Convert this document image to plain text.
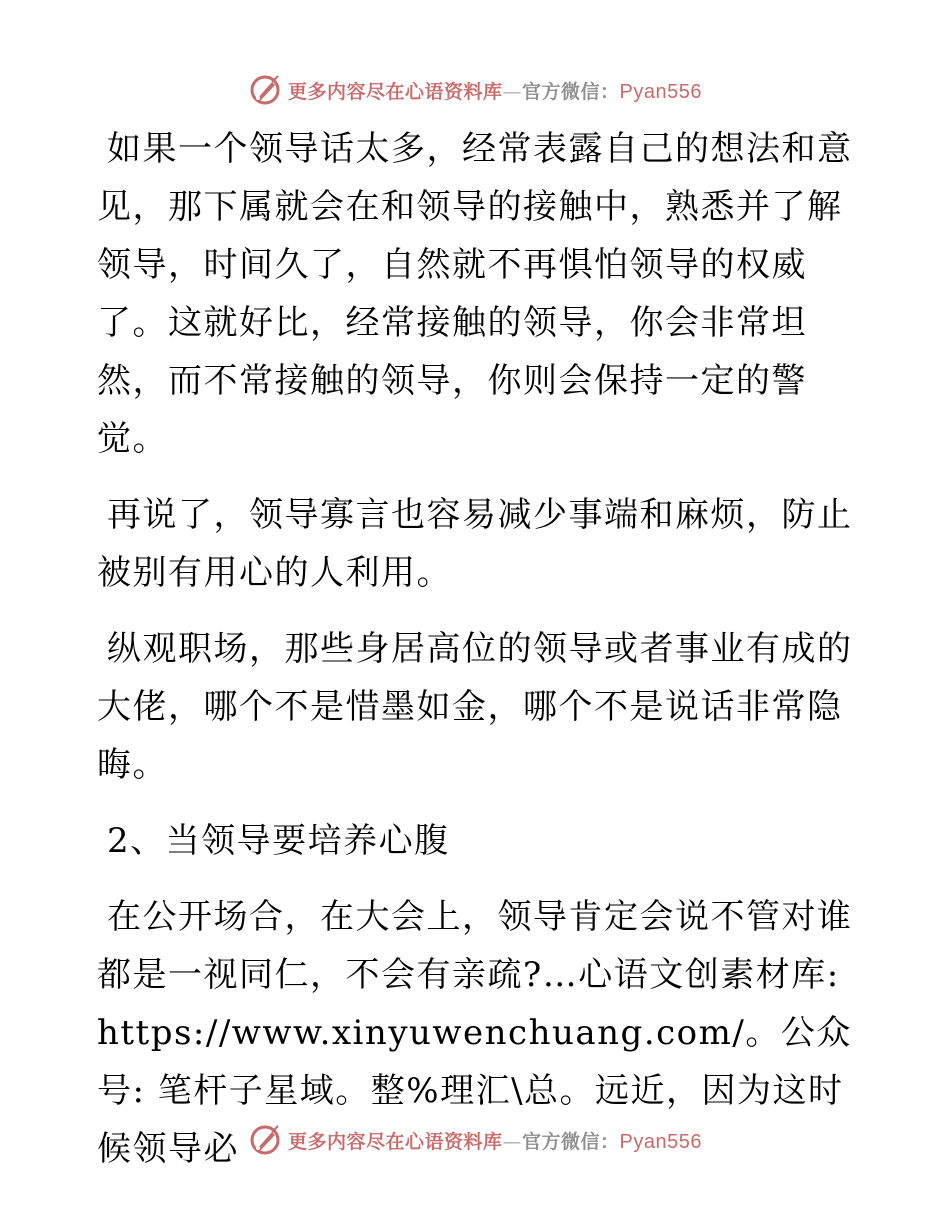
更多内容尽在心语资料库—官方微信：Pyan556

如果一个领导话太多，经常表露自己的想法和意见，那下属就会在和领导的接触中，熟悉并了解领导，时间久了，自然就不再惧怕领导的权威了。这就好比，经常接触的领导，你会非常坦然，而不常接触的领导，你则会保持一定的警觉。

再说了，领导寡言也容易减少事端和麻烦，防止被别有用心的人利用。

纵观职场，那些身居高位的领导或者事业有成的大佬，哪个不是惜墨如金，哪个不是说话非常隐晦。

2、当领导要培养心腹

在公开场合，在大会上，领导肯定会说不管对谁都是一视同仁，不会有亲疏?…心语文创素材库: https://www.xinyuwenchuang.com/。公众号: 笔杆子星域。整%理汇\总。远近，因为这时候领导必	更多内容尽在心语资料库—官方微信：Pyan556
